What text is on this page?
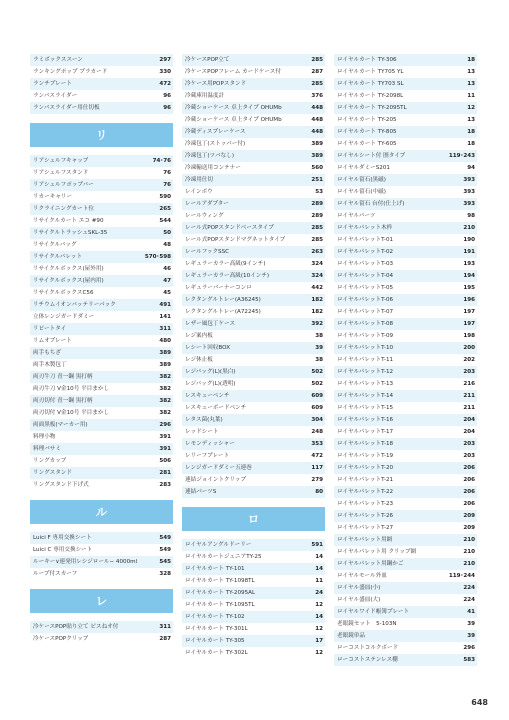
ラミボックススーン	297
ランキングポップ プラカード	330
ランチプレート	472
ランバスライダー	96
ランバスライダー用仕切板	96
リ
リアシェルフキャップ	74･76
リアシェルフスタンド	76
リアシェルフポップバー	76
リカーキャリー	590
リクライニングカート位	265
リサイクルカート エコ #90	544
リサイクルトラッシュSKL-35	50
リサイクルバッグ	48
リサイクルパレット	570･598
リサイクルボックス(屋外用)	46
リサイクルボックス(屋内用)	47
リサイクルボックスC56	45
リチウムイオンバッテリーパック	491
立体レンジガードダミー	141
リピートタイ	311
リムオプレート	480
両手もちざ	389
両手木製包丁	389
両刃牛刀 青一鋼 黒打柄	382
両刃牛刀 V金10号 平目まかし	382
両刃切付 青一鋼 黒打柄	382
両刃切付 V金10号 平目まかし	382
両面黒板(マーカー用)	296
料理小物	391
料理バサミ	391
リングカップ	506
リングスタンド	281
リングスタンド下げ式	283
ル
Luici F 専用交換シート	549
Luici C 専用交換シート	549
ルーキー∨連発用レシジロール− 4000ml	545
ループ付スカーフ	328
レ
冷ケースPOP貼り立て ピスねオ付	311
冷ケースPOPクリップ	287
冷ケースPOP立て	285
冷ケースPOPフレーム カードケース付	287
冷ケース用POPスタンド	285
冷蔵庫用温度計	376
冷蔵ショーケース 卓上タイプ OHUMb	448
冷蔵ショーケース 卓上タイプ OHUMb	448
冷蔵ディスプレーケース	448
冷凍包丁(ストッパー付)	389
冷凍包丁(ツバなし)	389
冷凍輸送用コンテナー	560
冷凍用仕切	251
レインボウ	53
レールアダプター	289
レールウィング	289
レール式POPスタンドベースタイプ	285
レール式POPスタンドマグネットタイプ	285
レールフックSSC	263
レギュラーカラー高級(9インチ)	324
レギュラーカラー高級(10インチ)	324
レギュラーバーナーコンロ	442
レクタングルトレー(A36245)	182
レクタングルトレー(A72245)	182
レザー風包丁ケース	392
レジ案内板	38
レシート回収BOX	39
レジ休止板	38
レジバッグ(L)(黒白)	502
レジバッグ(L)(透明)	502
レスキューベンチ	609
レスキューボードベンチ	609
レタス菌(丸葉)	304
レッドシート	248
レモンディッシャー	353
レリーフプレート	472
レンジガードダミー五連巻	117
連結ジョイントクリップ	279
連結パーツS	80
ロ
ロイヤルアングルドーリー	591
ロイヤルカートジュニアTY-25	14
ロイヤルカート TY-101	14
ロイヤルカート TY-1098TL	11
ロイヤルカート TY-2095AL	24
ロイヤルカート TY-1095TL	12
ロイヤルカート TY-102	14
ロイヤルカート TY-301L	12
ロイヤルカート TY-305	17
ロイヤルカート TY-302L	12
ロイヤルカート TY-306	18
ロイヤルカート TY705 YL	13
ロイヤルカート TY703 SL	13
ロイヤルカート TY-2098L	11
ロイヤルカート TY-2095TL	12
ロイヤルカート TY-205	13
ロイヤルカート TY-805	18
ロイヤルカート TY-605	18
ロイヤルシート付 圏タイプ	119･243
ロイヤルダミーS201	94
ロイヤル留石(黒磁)	393
ロイヤル留石(中磁)	393
ロイヤル留石 台付(仕上げ)	393
ロイヤルパーツ	98
ロイヤルパレット木枠	210
ロイヤルパレットT-01	190
ロイヤルパレットT-02	191
ロイヤルパレットT-03	193
ロイヤルパレットT-04	194
ロイヤルパレットT-05	195
ロイヤルパレットT-06	196
ロイヤルパレットT-07	197
ロイヤルパレットT-08	197
ロイヤルパレットT-09	198
ロイヤルパレットT-10	200
ロイヤルパレットT-11	202
ロイヤルパレットT-12	203
ロイヤルパレットT-13	216
ロイヤルパレットT-14	211
ロイヤルパレットT-15	211
ロイヤルパレットT-16	204
ロイヤルパレットT-17	204
ロイヤルパレットT-18	203
ロイヤルパレットT-19	203
ロイヤルパレットT-20	206
ロイヤルパレットT-21	206
ロイヤルパレットT-22	206
ロイヤルパレットT-23	206
ロイヤルパレットT-26	209
ロイヤルパレットT-27	209
ロイヤルパレット用網	210
ロイヤルパレット用 クリップ網	210
ロイヤルパレット用鋼かご	210
ロイヤルモール外皿	119･244
ロイヤル盛皿(小)	224
ロイヤル盛皿(大)	224
ロイヤルワイド帳簿プレート	41
老眼鏡セット　5-103N	39
老眼鏡単品	39
ローコストコルクボード	296
ローコストステンレス棚	583
648
